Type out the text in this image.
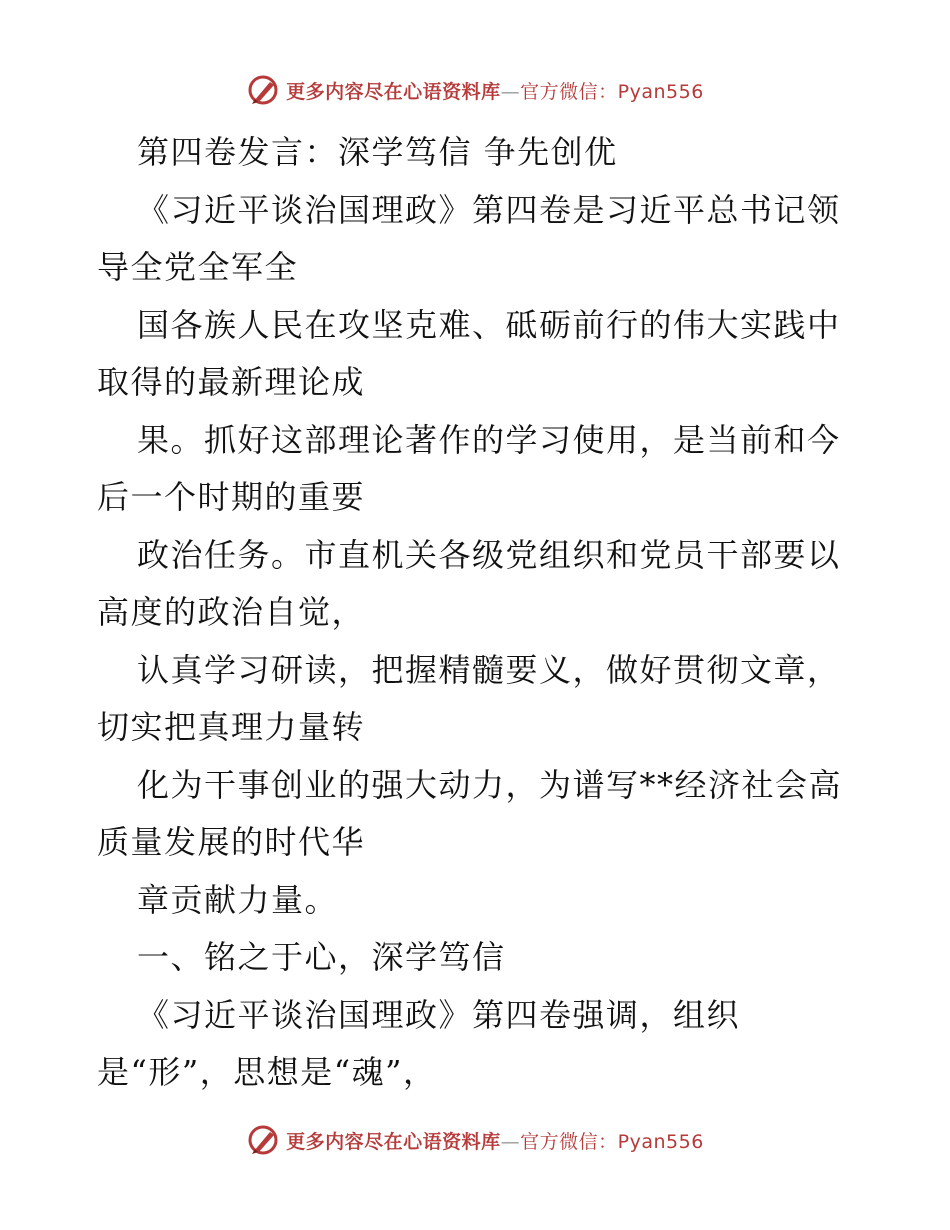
更多内容尽在心语资料库—官方微信：Pyan556
第四卷发言：深学笃信 争先创优
《习近平谈治国理政》第四卷是习近平总书记领
导全党全军全
国各族人民在攻坚克难、砥砺前行的伟大实践中
取得的最新理论成
果。抓好这部理论著作的学习使用，是当前和今
后一个时期的重要
政治任务。市直机关各级党组织和党员干部要以
高度的政治自觉，
认真学习研读，把握精髓要义，做好贯彻文章，
切实把真理力量转
化为干事创业的强大动力，为谱写**经济社会高
质量发展的时代华
章贡献力量。
一、铭之于心，深学笃信
《习近平谈治国理政》第四卷强调，组织
是“形”，思想是“魂”，
更多内容尽在心语资料库—官方微信：Pyan556
